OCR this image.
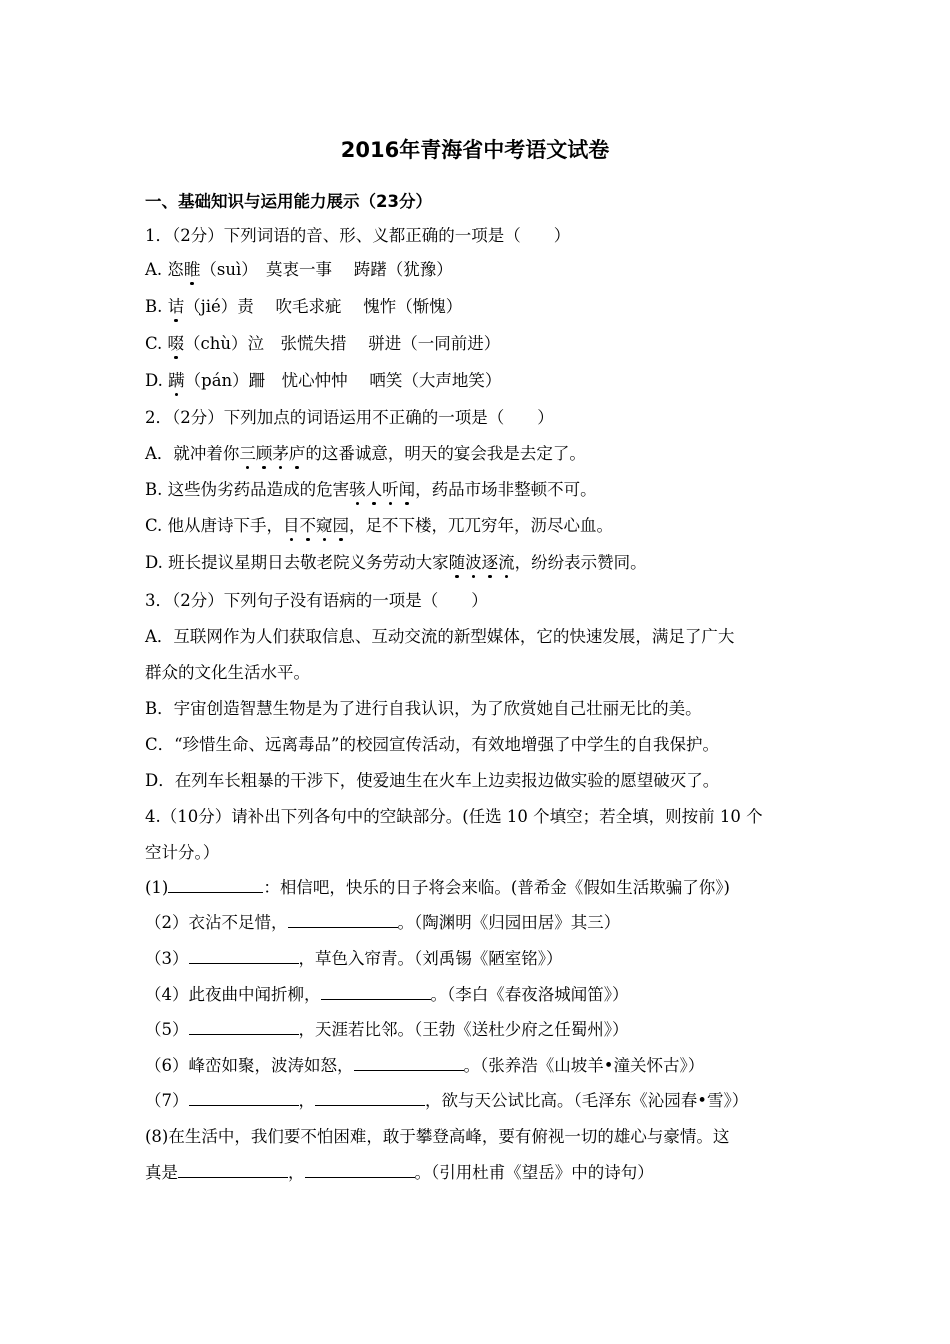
2016年青海省中考语文试卷
一、基础知识与运用能力展示（23分）
1．（2分）下列词语的音、形、义都正确的一项是（　　）
A. 恣睢（suì）　莫衷一事　 踌躇（犹豫）
B. 诘（jié）责　 吹毛求疵　 愧怍（惭愧）
C. 啜（chù）泣　张慌失措　 骈进（一同前进）
D. 蹒（pán）跚　忧心忡忡　 哂笑（大声地笑）
2．（2分）下列加点的词语运用不正确的一项是（　　）
A．就冲着你三顾茅庐的这番诚意，明天的宴会我是去定了。
B. 这些伪劣药品造成的危害骇人听闻，药品市场非整顿不可。
C. 他从唐诗下手，目不窥园，足不下楼，兀兀穷年，沥尽心血。
D. 班长提议星期日去敬老院义务劳动大家随波逐流，纷纷表示赞同。
3．（2分）下列句子没有语病的一项是（　　）
A．互联网作为人们获取信息、互动交流的新型媒体，它的快速发展，满足了广大
群众的文化生活水平。
B．宇宙创造智慧生物是为了进行自我认识，为了欣赏她自己壮丽无比的美。
C．“珍惜生命、远离毒品”的校园宣传活动，有效地增强了中学生的自我保护。
D．在列车长粗暴的干涉下，使爱迪生在火车上边卖报边做实验的愿望破灭了。
4.（10分）请补出下列各句中的空缺部分。(任选 10 个填空；若全填，则按前 10 个
空计分。）
(1)	：相信吧，快乐的日子将会来临。(普希金《假如生活欺骗了你》)
（2）衣沾不足惜，	。（陶渊明《归园田居》其三）
（3）	，草色入帘青。（刘禹锡《陋室铭》）
（4）此夜曲中闻折柳，	。（李白《春夜洛城闻笛》）
（5）	，天涯若比邻。（王勃《送杜少府之任蜀州》）
（6）峰峦如聚，波涛如怒，	。（张养浩《山坡羊•潼关怀古》）
（7）	，	，欲与天公试比高。（毛泽东《沁园春•雪》）
(8)在生活中，我们要不怕困难，敢于攀登高峰，要有俯视一切的雄心与豪情。这
真是	，	。（引用杜甫《望岳》中的诗句）
